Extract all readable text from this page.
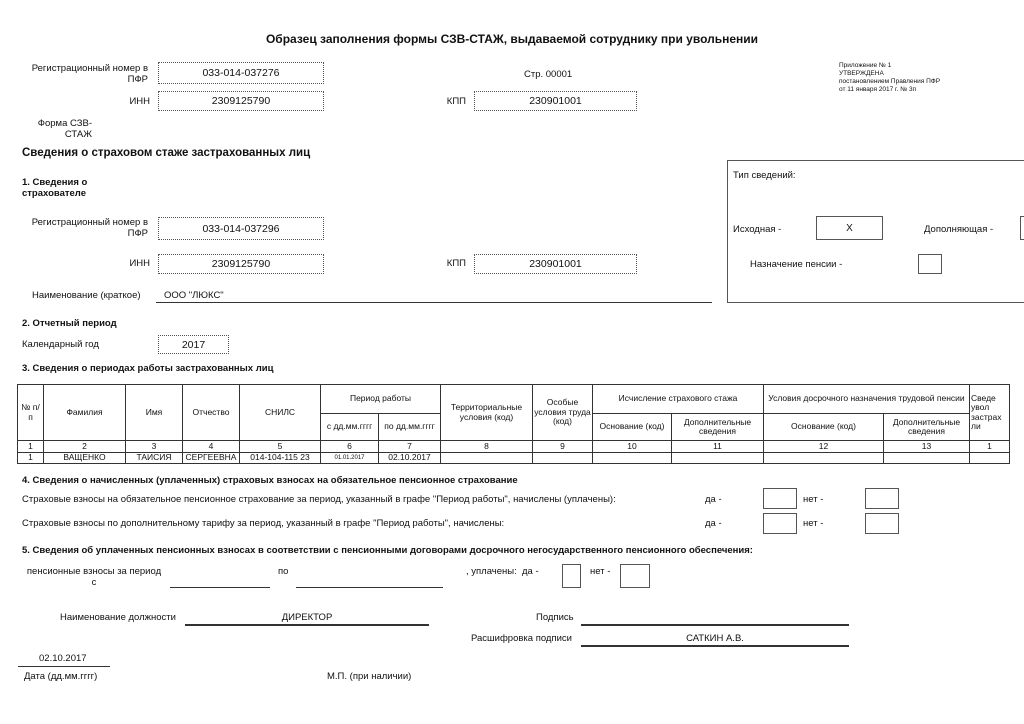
Образец заполнения формы СЗВ-СТАЖ, выдаваемой сотруднику при увольнении
Регистрационный номер в ПФР
033-014-037276	Стр. 00001
ИНН	2309125790	КПП	230901001
Форма СЗВ-СТАЖ
Приложение № 1
УТВЕРЖДЕНА
постановлением Правления ПФР
от 11 января 2017 г. № 3п
Сведения о страховом стаже застрахованных лиц
1. Сведения о страхователе
Регистрационный номер в ПФР	033-014-037296
ИНН	2309125790	КПП	230901001
Наименование (краткое) ООО "ЛЮКС"
Тип сведений:
Исходная -	X	Дополняющая -
Назначение пенсии -
2. Отчетный период
Календарный год	2017
3. Сведения о периодах работы застрахованных лиц
№ п/п	Фамилия	Имя	Отчество	СНИЛС	Период работы		Территориальные условия (код)	Особые условия труда (код)	Исчисление страхового стажа		Условия досрочного назначения трудовой пенсии		Сведе увол застрах ли
					с дд.мм.гггг	по дд.мм.гггг			Основание (код)	Дополнительные сведения	Основание (код)	Дополнительные сведения	
1	2	3	4	5	6	7	8	9	10	11	12	13	1
1	ВАЩЕНКО	ТАИСИЯ	СЕРГЕЕВНА	014-104-115 23	01.01.2017	02.10.2017							
4. Сведения о начисленных (уплаченных) страховых взносах на обязательное пенсионное страхование
Страховые взносы на обязательное пенсионное страхование за период, указанный в графе "Период работы", начислены (уплачены):	да -	нет -
Страховые взносы по дополнительному тарифу за период, указанный в графе "Период работы", начислены:	да -	нет -
5. Сведения об уплаченных пенсионных взносах в соответствии с пенсионными договорами досрочного негосударственного пенсионного обеспечения:
пенсионные взносы за период с
по	, уплачены: да -	нет -
Наименование должности	ДИРЕКТОР	Подпись
Расшифровка подписи	САТКИН А.В.
02.10.2017
Дата (дд.мм.гггг)	М.П. (при наличии)
